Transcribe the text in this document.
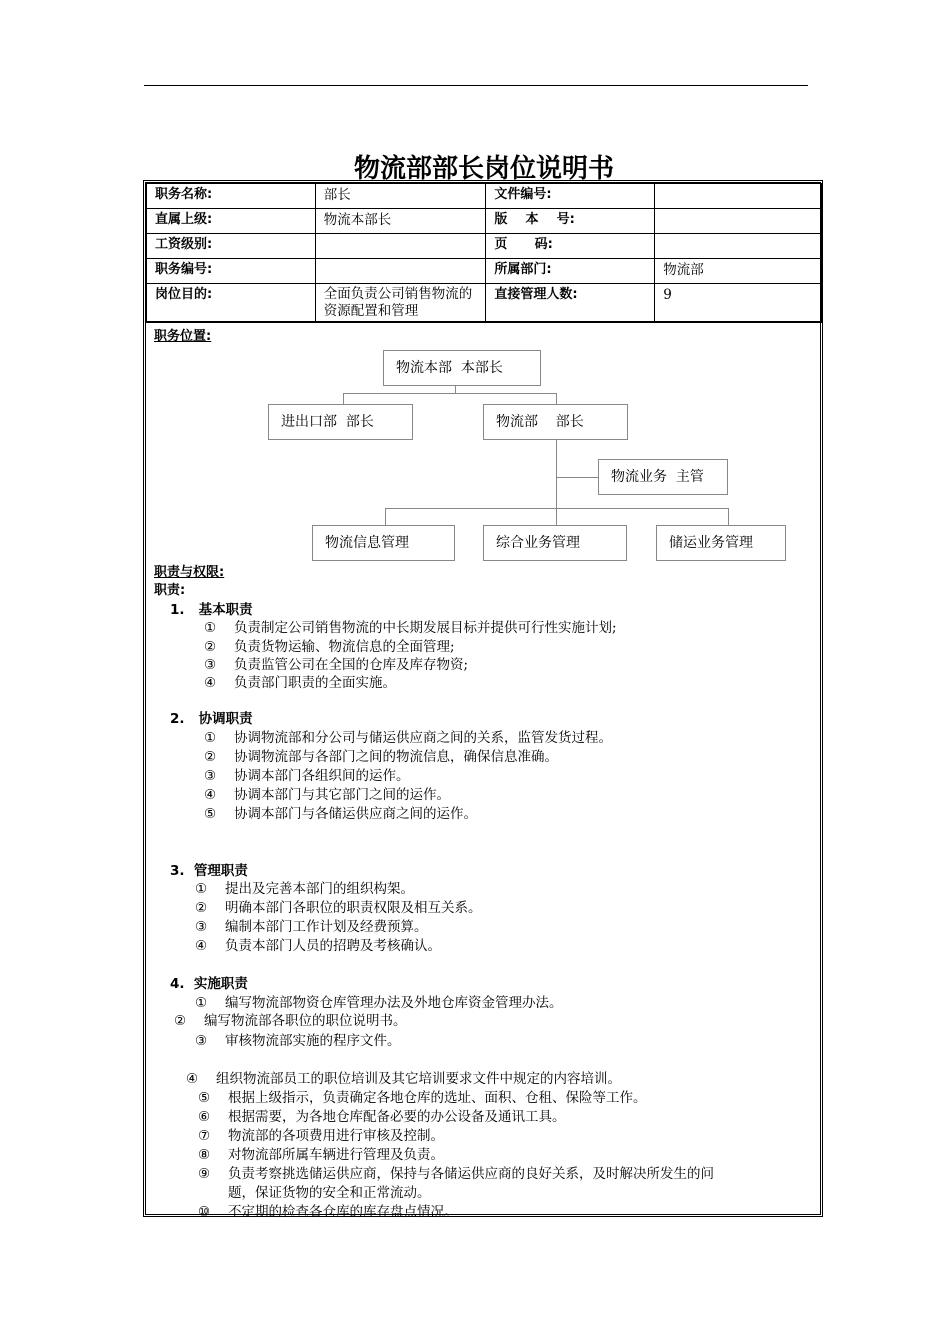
物流部部长岗位说明书
职务名称:	部长	文件编号:	
直属上级:	物流本部长	版    本    号:	
工资级别:		页      码:	
职务编号:		所属部门:	物流部
岗位目的:	全面负责公司销售物流的资源配置和管理	直接管理人数:	9
职务位置:
物流本部  本部长
进出口部  部长	物流部    部长
物流业务  主管
物流信息管理	综合业务管理	储运业务管理
职责与权限:
职责:
1.   基本职责
① 负责制定公司销售物流的中长期发展目标并提供可行性实施计划;
② 负责货物运输、物流信息的全面管理;
③ 负责监管公司在全国的仓库及库存物资;
④ 负责部门职责的全面实施。
2.   协调职责
① 协调物流部和分公司与储运供应商之间的关系，监管发货过程。
② 协调物流部与各部门之间的物流信息，确保信息准确。
③ 协调本部门各组织间的运作。
④ 协调本部门与其它部门之间的运作。
⑤ 协调本部门与各储运供应商之间的运作。
3.  管理职责
① 提出及完善本部门的组织构架。
② 明确本部门各职位的职责权限及相互关系。
③ 编制本部门工作计划及经费预算。
④ 负责本部门人员的招聘及考核确认。
4.  实施职责
① 编写物流部物资仓库管理办法及外地仓库资金管理办法。
② 编写物流部各职位的职位说明书。
③ 审核物流部实施的程序文件。
④ 组织物流部员工的职位培训及其它培训要求文件中规定的内容培训。
⑤ 根据上级指示，负责确定各地仓库的选址、面积、仓租、保险等工作。
⑥ 根据需要，为各地仓库配备必要的办公设备及通讯工具。
⑦ 物流部的各项费用进行审核及控制。
⑧ 对物流部所属车辆进行管理及负责。
⑨ 负责考察挑选储运供应商，保持与各储运供应商的良好关系，及时解决所发生的问
题，保证货物的安全和正常流动。
⑩ 不定期的检查各仓库的库存盘点情况。
